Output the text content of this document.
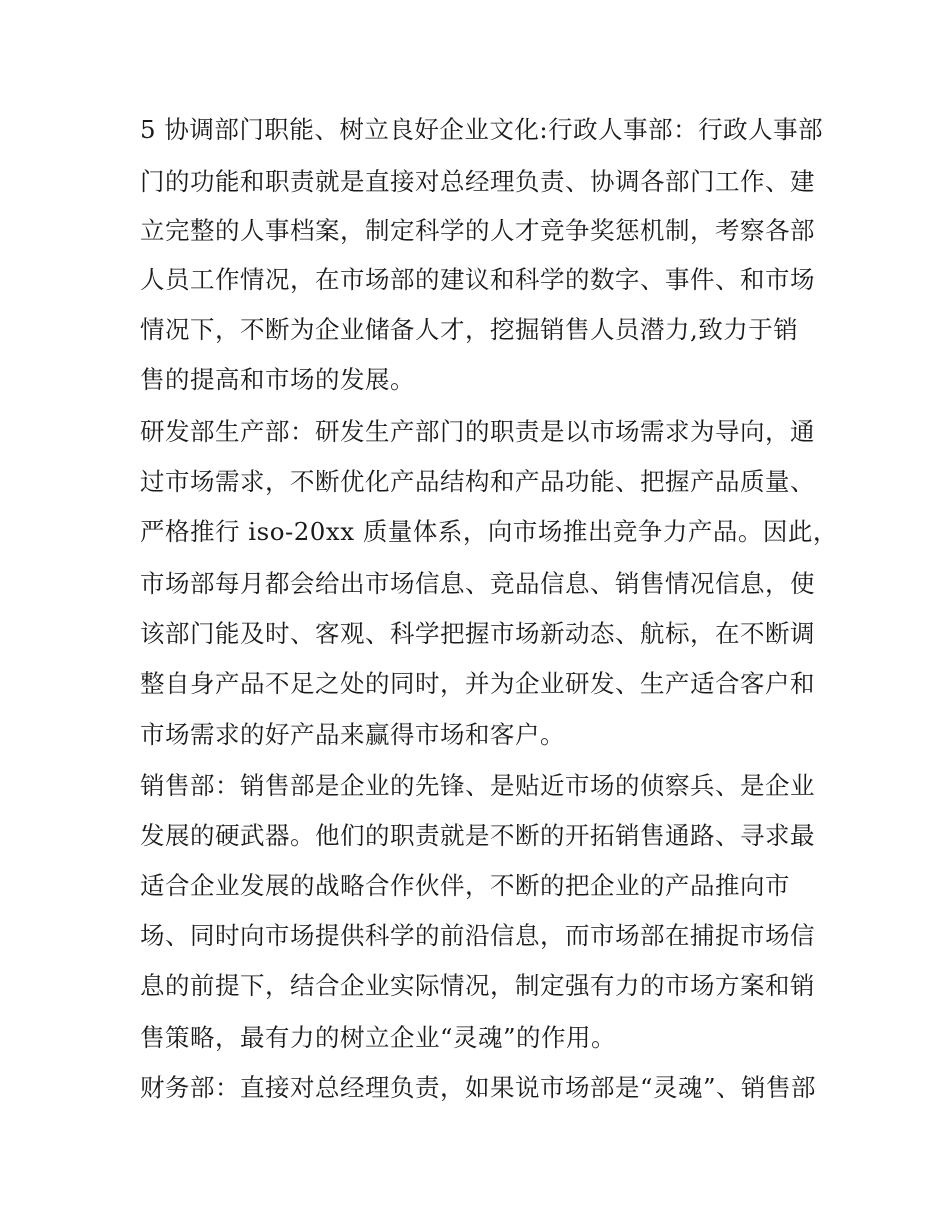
5 协调部门职能、树立良好企业文化:行政人事部：行政人事部
门的功能和职责就是直接对总经理负责、协调各部门工作、建
立完整的人事档案，制定科学的人才竞争奖惩机制，考察各部
人员工作情况，在市场部的建议和科学的数字、事件、和市场
情况下，不断为企业储备人才，挖掘销售人员潜力,致力于销
售的提高和市场的发展。
研发部生产部：研发生产部门的职责是以市场需求为导向，通
过市场需求，不断优化产品结构和产品功能、把握产品质量、
严格推行 iso-20xx 质量体系，向市场推出竞争力产品。因此，
市场部每月都会给出市场信息、竞品信息、销售情况信息，使
该部门能及时、客观、科学把握市场新动态、航标，在不断调
整自身产品不足之处的同时，并为企业研发、生产适合客户和
市场需求的好产品来赢得市场和客户。
销售部：销售部是企业的先锋、是贴近市场的侦察兵、是企业
发展的硬武器。他们的职责就是不断的开拓销售通路、寻求最
适合企业发展的战略合作伙伴，不断的把企业的产品推向市
场、同时向市场提供科学的前沿信息，而市场部在捕捉市场信
息的前提下，结合企业实际情况，制定强有力的市场方案和销
售策略，最有力的树立企业“灵魂”的作用。
财务部：直接对总经理负责，如果说市场部是“灵魂”、销售部
